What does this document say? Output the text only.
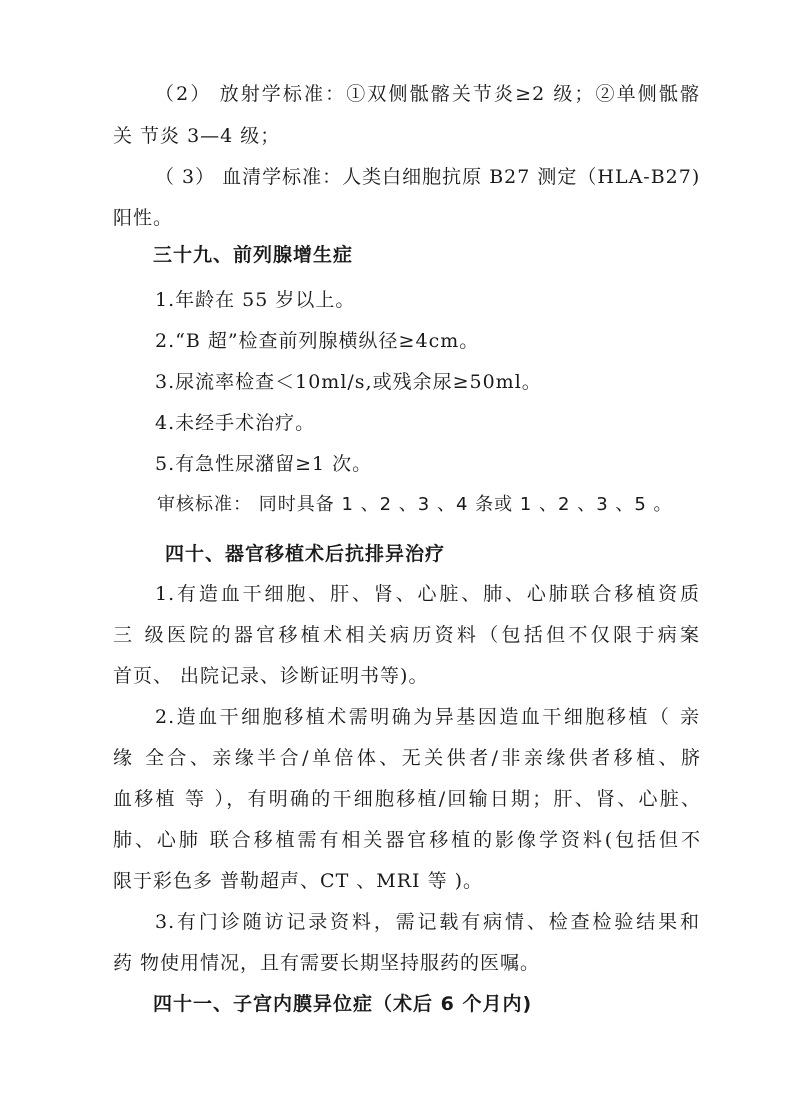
（2） 放射学标准：①双侧骶髂关节炎≥2 级；②单侧骶髂
关 节炎 3—4 级；
（ 3） 血清学标准：人类白细胞抗原 B27 测定（HLA-B27)
阳性。
三十九、前列腺增生症
1.年龄在 55 岁以上。
2.“B 超”检查前列腺横纵径≥4cm。
3.尿流率检查＜10ml/s,或残余尿≥50ml。
4.未经手术治疗。
5.有急性尿潴留≥1 次。
审核标准： 同时具备 1 、2 、3 、4 条或 1 、2 、3 、5 。
四十、器官移植术后抗排异治疗
1.有造血干细胞、肝、肾、心脏、肺、心肺联合移植资质
三 级医院的器官移植术相关病历资料（包括但不仅限于病案
首页、 出院记录、诊断证明书等)。
2.造血干细胞移植术需明确为异基因造血干细胞移植（ 亲
缘 全合、亲缘半合/单倍体、无关供者/非亲缘供者移植、脐
血移植 等 ），有明确的干细胞移植/回输日期；肝、肾、心脏、
肺、心肺 联合移植需有相关器官移植的影像学资料(包括但不
限于彩色多 普勒超声、CT 、MRI 等 )。
3.有门诊随访记录资料，需记载有病情、检查检验结果和
药 物使用情况，且有需要长期坚持服药的医嘱。
四十一、子宫内膜异位症（术后 6 个月内)
